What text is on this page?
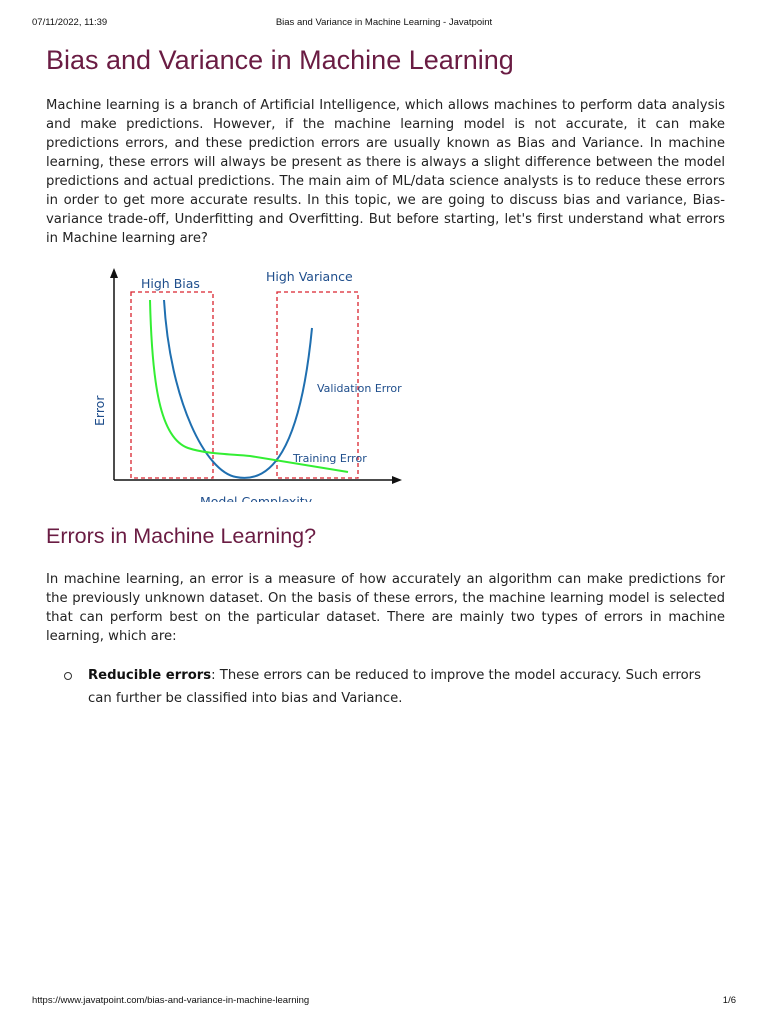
07/11/2022, 11:39	Bias and Variance in Machine Learning - Javatpoint
Bias and Variance in Machine Learning

Machine learning is a branch of Artificial Intelligence, which allows machines to perform data analysis and make predictions. However, if the machine learning model is not accurate, it can make predictions errors, and these prediction errors are usually known as Bias and Variance. In machine learning, these errors will always be present as there is always a slight difference between the model predictions and actual predictions. The main aim of ML/data science analysts is to reduce these errors in order to get more accurate results. In this topic, we are going to discuss bias and variance, Bias-variance trade-off, Underfitting and Overfitting. But before starting, let's first understand what errors in Machine learning are?

High Bias	High Variance
Validation Error
Training Error
Model Complexity
Error
Errors in Machine Learning?

In machine learning, an error is a measure of how accurately an algorithm can make predictions for the previously unknown dataset. On the basis of these errors, the machine learning model is selected that can perform best on the particular dataset. There are mainly two types of errors in machine learning, which are:

Reducible errors: These errors can be reduced to improve the model accuracy. Such errors can further be classified into bias and Variance.
https://www.javatpoint.com/bias-and-variance-in-machine-learning	1/6
